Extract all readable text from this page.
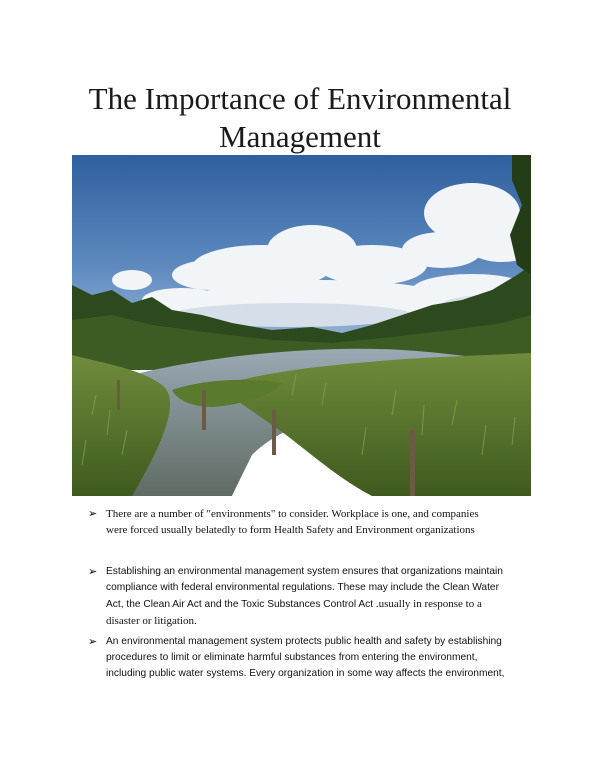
The Importance of Environmental
Management
➢ There are a number of "environments" to consider. Workplace is one, and companies
were forced usually belatedly to form Health Safety and Environment organizations
➢ Establishing an environmental management system ensures that organizations maintain
compliance with federal environmental regulations. These may include the Clean Water
Act, the Clean Air Act and the Toxic Substances Control Act .usually in response to a
disaster or litigation.
➢ An environmental management system protects public health and safety by establishing
procedures to limit or eliminate harmful substances from entering the environment,
including public water systems. Every organization in some way affects the environment,
